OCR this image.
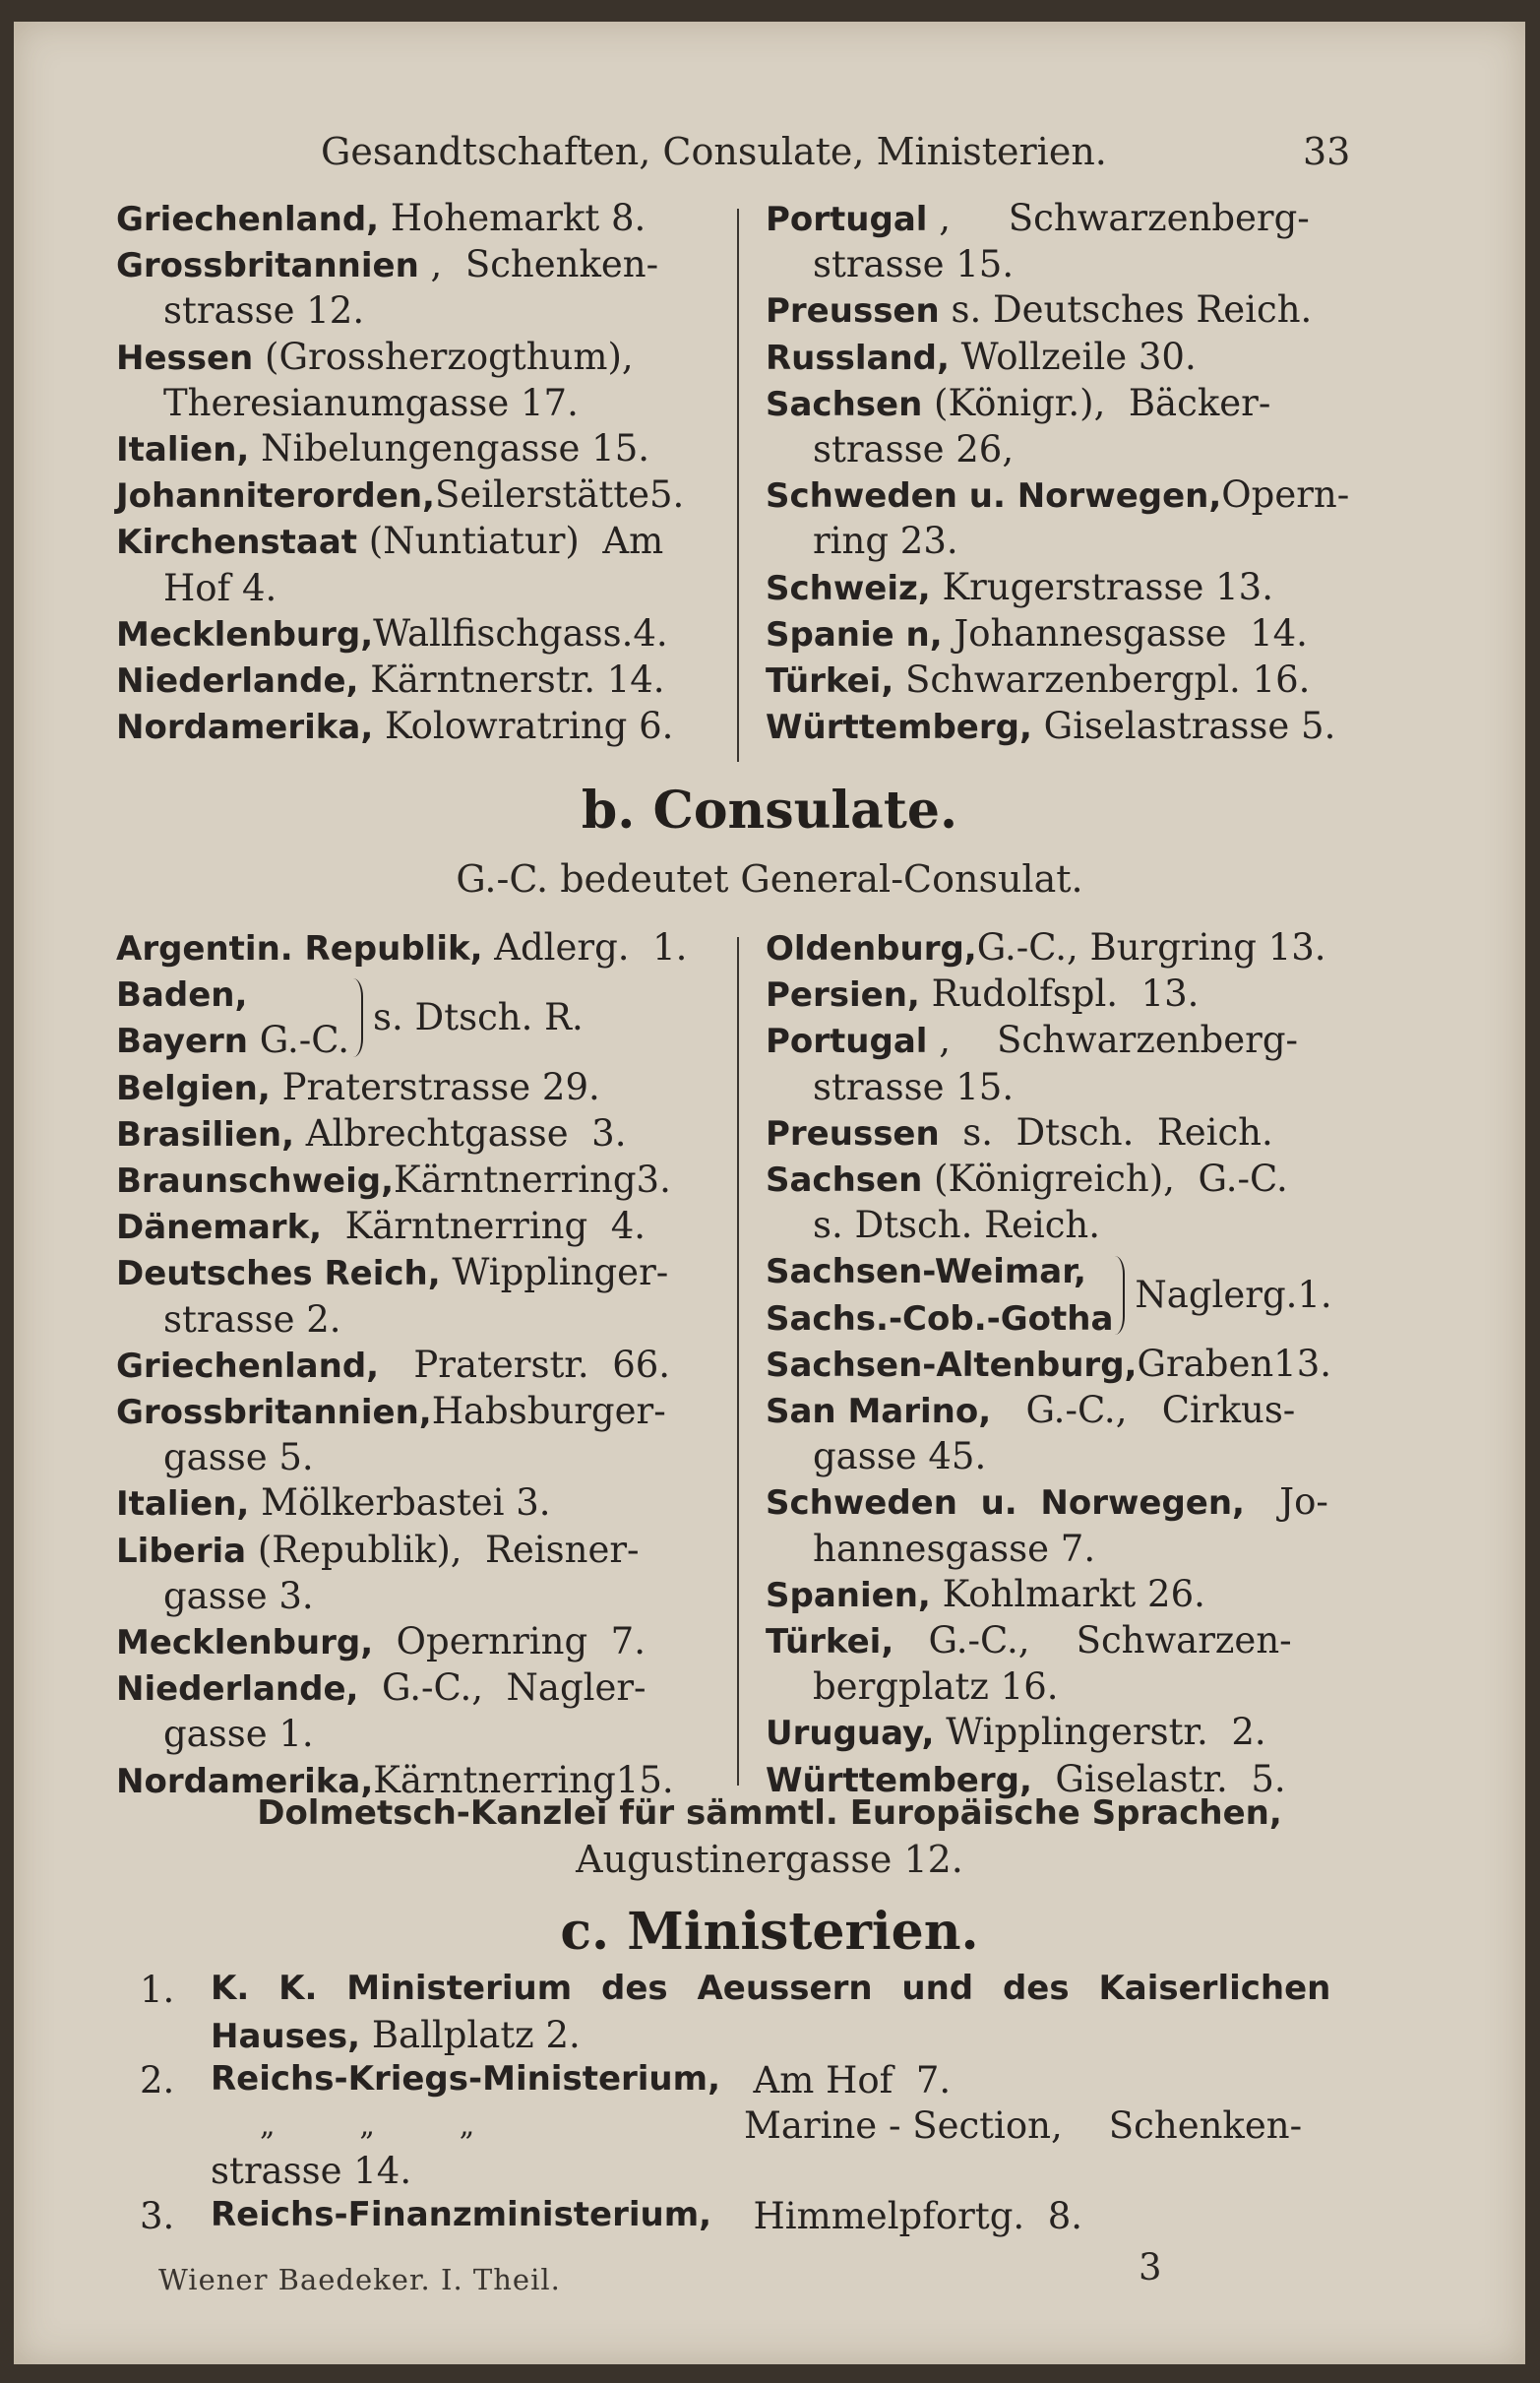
Gesandtschaften, Consulate, Ministerien.	33
Griechenland, Hohemarkt 8.
Grossbritannien ,  Schenken-
strasse 12.
Hessen (Grossherzogthum),
Theresianumgasse 17.
Italien, Nibelungengasse 15.
Johanniterorden,Seilerstätte5.
Kirchenstaat (Nuntiatur)  Am
Hof 4.
Mecklenburg,Wallfischgass.4.
Niederlande, Kärntnerstr. 14.
Nordamerika, Kolowratring 6.
Portugal ,     Schwarzenberg-
strasse 15.
Preussen s. Deutsches Reich.
Russland, Wollzeile 30.
Sachsen (Königr.),  Bäcker-
strasse 26,
Schweden u. Norwegen,Opern-
ring 23.
Schweiz, Krugerstrasse 13.
Spanie n, Johannesgasse  14.
Türkei, Schwarzenbergpl. 16.
Württemberg, Giselastrasse 5.
b. Consulate.
G.-C. bedeutet General-Consulat.
Argentin. Republik, Adlerg.  1.
Baden,
Bayern G.-C.
s. Dtsch. R.
Belgien, Praterstrasse 29.
Brasilien, Albrechtgasse  3.
Braunschweig,Kärntnerring3.
Dänemark,  Kärntnerring  4.
Deutsches Reich, Wipplinger-
strasse 2.
Griechenland,   Praterstr.  66.
Grossbritannien,Habsburger-
gasse 5.
Italien, Mölkerbastei 3.
Liberia (Republik),  Reisner-
gasse 3.
Mecklenburg,  Opernring  7.
Niederlande,  G.-C.,  Nagler-
gasse 1.
Nordamerika,Kärntnerring15.
Oldenburg,G.-C., Burgring 13.
Persien, Rudolfspl.  13.
Portugal ,    Schwarzenberg-
strasse 15.
Preussen  s.  Dtsch.  Reich.
Sachsen (Königreich),  G.-C.
s. Dtsch. Reich.
Sachsen-Weimar,
Sachs.-Cob.-Gotha
Naglerg.1.
Sachsen-Altenburg,Graben13.
San Marino,   G.-C.,   Cirkus-
gasse 45.
Schweden  u.  Norwegen,   Jo-
hannesgasse 7.
Spanien, Kohlmarkt 26.
Türkei,   G.-C.,    Schwarzen-
bergplatz 16.
Uruguay, Wipplingerstr.  2.
Württemberg,  Giselastr.  5.
Dolmetsch-Kanzlei für sämmtl. Europäische Sprachen,
Augustinergasse 12.
c. Ministerien.
1. K. K. Ministerium des Aeussern und des Kaiserlichen
Hauses, Ballplatz 2.
2. Reichs-Kriegs-Ministerium, Am Hof  7.
„         „         „	Marine - Section,    Schenken-
strasse 14.
3. Reichs-Finanzministerium, Himmelpfortg.  8.
Wiener Baedeker. I. Theil.	3
